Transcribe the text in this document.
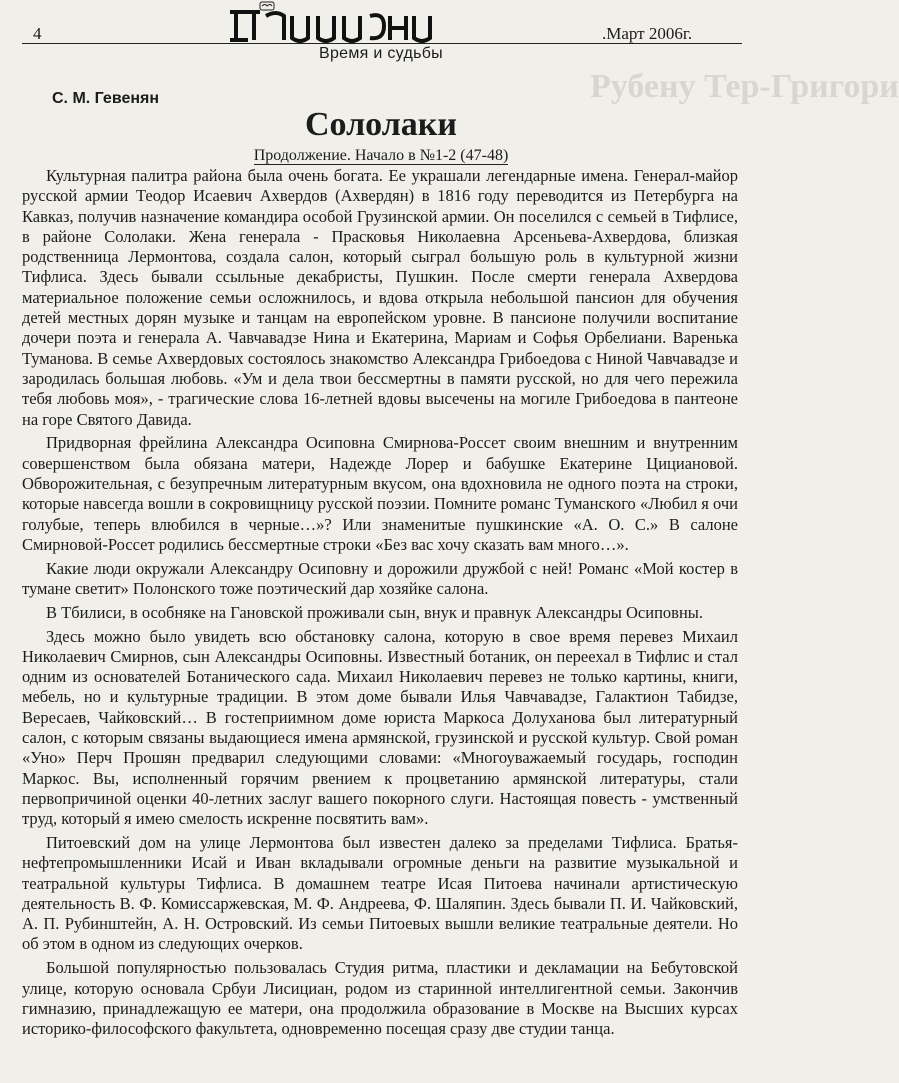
Рубену Тер-Григори
4	.Март 2006г.
Время и судьбы
С. М. Гевенян
Сололаки
Продолжение. Начало в №1-2 (47-48)

Культурная палитра района была очень богата. Ее украшали легендарные имена. Генерал-майор русской армии Теодор Исаевич Ахвердов (Ахвердян) в 1816 году переводится из Петербурга на Кавказ, получив назначение командира особой Грузинской армии. Он поселился с семьей в Тифлисе, в районе Сололаки. Жена генерала - Прасковья Николаевна Арсеньева-Ахвердова, близкая родственница Лермонтова, создала салон, который сыграл большую роль в культурной жизни Тифлиса. Здесь бывали ссыльные декабристы, Пушкин. После смерти генерала Ахвердова материальное положение семьи осложнилось, и вдова открыла небольшой пансион для обучения детей местных дорян музыке и танцам на европейском уровне. В пансионе получили воспитание дочери поэта и генерала А. Чавчавадзе Нина и Екатерина, Мариам и Софья Орбелиани. Варенька Туманова. В семье Ахвердовых состоялось знакомство Александра Грибоедова с Ниной Чавчавадзе и зародилась большая любовь. «Ум и дела твои бессмертны в памяти русской, но для чего пережила тебя любовь моя», - трагические слова 16-летней вдовы высечены на могиле Грибоедова в пантеоне на горе Святого Давида.

Придворная фрейлина Александра Осиповна Смирнова-Россет своим внешним и внутренним совершенством была обязана матери, Надежде Лорер и бабушке Екатерине Цициановой. Обворожительная, с безупречным литературным вкусом, она вдохновила не одного поэта на строки, которые навсегда вошли в сокровищницу русской поэзии. Помните романс Туманского «Любил я очи голубые, теперь влюбился в черные…»? Или знаменитые пушкинские «А. О. С.» В салоне Смирновой-Россет родились бессмертные строки «Без вас хочу сказать вам много…».

Какие люди окружали Александру Осиповну и дорожили дружбой с ней! Романс «Мой костер в тумане светит» Полонского тоже поэтический дар хозяйке салона.

В Тбилиси, в особняке на Гановской проживали сын, внук и правнук Александры Осиповны.

Здесь можно было увидеть всю обстановку салона, которую в свое время перевез Михаил Николаевич Смирнов, сын Александры Осиповны. Известный ботаник, он переехал в Тифлис и стал одним из основателей Ботанического сада. Михаил Николаевич перевез не только картины, книги, мебель, но и культурные традиции. В этом доме бывали Илья Чавчавадзе, Галактион Табидзе, Вересаев, Чайковский… В гостеприимном доме юриста Маркоса Долуханова был литературный салон, с которым связаны выдающиеся имена армянской, грузинской и русской культур. Свой роман «Уно» Перч Прошян предварил следующими словами: «Многоуважаемый государь, господин Маркос. Вы, исполненный горячим рвением к процветанию армянской литературы, стали первопричиной оценки 40-летних заслуг вашего покорного слуги. Настоящая повесть - умственный труд, который я имею смелость искренне посвятить вам».

Питоевский дом на улице Лермонтова был известен далеко за пределами Тифлиса. Братья-нефтепромышленники Исай и Иван вкладывали огромные деньги на развитие музыкальной и театральной культуры Тифлиса. В домашнем театре Исая Питоева начинали артистическую деятельность В. Ф. Комиссаржевская, М. Ф. Андреева, Ф. Шаляпин. Здесь бывали П. И. Чайковский, А. П. Рубинштейн, А. Н. Островский. Из семьи Питоевых вышли великие театральные деятели. Но об этом в одном из следующих очерков.

Большой популярностью пользовалась Студия ритма, пластики и декламации на Бебутовской улице, которую основала Србуи Лисициан, родом из старинной интеллигентной семьи. Закончив гимназию, принадлежащую ее матери, она продолжила образование в Москве на Высших курсах историко-философского факультета, одновременно посещая сразу две студии танца.
